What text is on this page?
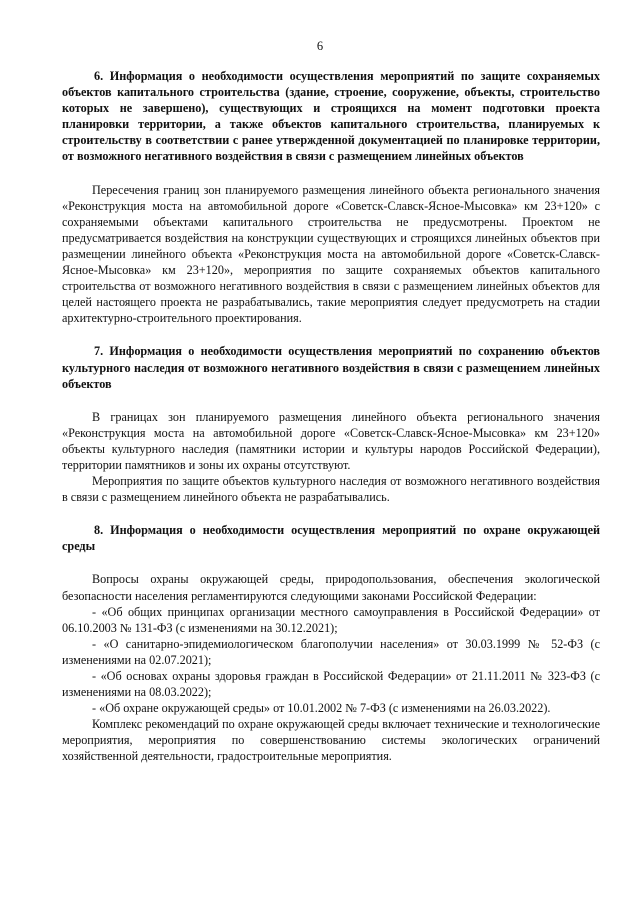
6

6. Информация о необходимости осуществления мероприятий по защите сохраняемых объектов капитального строительства (здание, строение, сооружение, объекты, строительство которых не завершено), существующих и строящихся на момент подготовки проекта планировки территории, а также объектов капитального строительства, планируемых к строительству в соответствии с ранее утвержденной документацией по планировке территории, от возможного негативного воздействия в связи с размещением линейных объектов

Пересечения границ зон планируемого размещения линейного объекта регионального значения «Реконструкция моста на автомобильной дороге «Советск-Славск-Ясное-Мысовка» км 23+120» с сохраняемыми объектами капитального строительства не предусмотрены. Проектом не предусматривается воздействия на конструкции существующих и строящихся линейных объектов при размещении линейного объекта «Реконструкция моста на автомобильной дороге «Советск-Славск-Ясное-Мысовка» км 23+120», мероприятия по защите сохраняемых объектов капитального строительства от возможного негативного воздействия в связи с размещением линейных объектов для целей настоящего проекта не разрабатывались, такие мероприятия следует предусмотреть на стадии архитектурно-строительного проектирования.

7. Информация о необходимости осуществления мероприятий по сохранению объектов культурного наследия от возможного негативного воздействия в связи с размещением линейных объектов

В границах зон планируемого размещения линейного объекта регионального значения «Реконструкция моста на автомобильной дороге «Советск-Славск-Ясное-Мысовка» км 23+120» объекты культурного наследия (памятники истории и культуры народов Российской Федерации), территории памятников и зоны их охраны отсутствуют.

Мероприятия по защите объектов культурного наследия от возможного негативного воздействия в связи с размещением линейного объекта не разрабатывались.

8. Информация о необходимости осуществления мероприятий по охране окружающей среды

Вопросы охраны окружающей среды, природопользования, обеспечения экологической безопасности населения регламентируются следующими законами Российской Федерации:

- «Об общих принципах организации местного самоуправления в Российской Федерации» от 06.10.2003 № 131-ФЗ (с изменениями на 30.12.2021);

- «О санитарно-эпидемиологическом благополучии населения» от 30.03.1999 № 52-ФЗ (с изменениями на 02.07.2021);

- «Об основах охраны здоровья граждан в Российской Федерации» от 21.11.2011 № 323-ФЗ (с изменениями на 08.03.2022);

- «Об охране окружающей среды» от 10.01.2002 № 7-ФЗ (с изменениями на 26.03.2022).

Комплекс рекомендаций по охране окружающей среды включает технические и технологические мероприятия, мероприятия по совершенствованию системы экологических ограничений хозяйственной деятельности, градостроительные мероприятия.
